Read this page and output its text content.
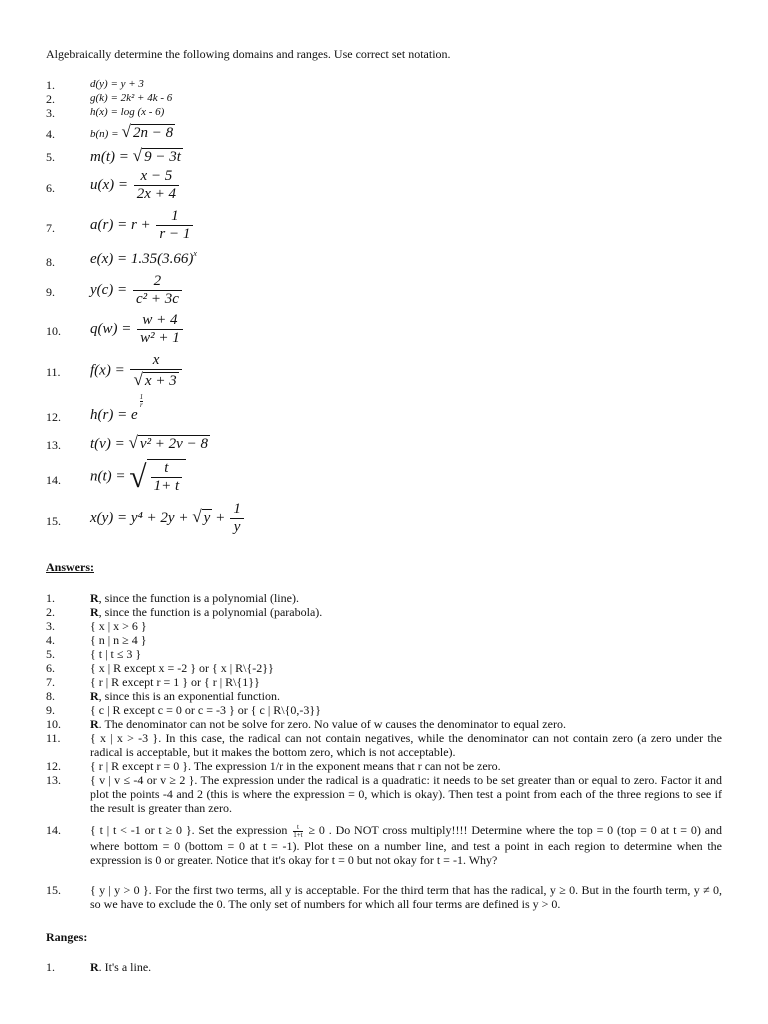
Algebraically determine the following domains and ranges. Use correct set notation.
1.	d(y) = y + 3
2.	g(k) = 2k² + 4k - 6
3.	h(x) = log (x - 6)
4.	b(n) = √ 2n − 8
5. m(t) = √ 9 − 3t
6. $u(x) = \frac{x - 5}{2x + 4}$
7. $a(r) = r + \frac{1}{r - 1}$
8. $e(x) = 1.35(3.66)^x$
9. $y(c) = \frac{2}{\text{c² + 3c}}$
10. $q(w) = \frac{w + 4}{\text{w² + 1}}$
11. $f(x) = \frac{x}{√ x + 3}$
12. h(r) = e
$\frac{1}{r}$
13. t(v) = √ v² + 2v − 8
14. n(t) = √ $\frac{t}{1+ t}$
15. x(y) = y⁴ + 2y + √ $y + \frac{1}{y}$
Answers:
1.	R, since the function is a polynomial (line).
2.	R, since the function is a polynomial (parabola).
3.	{ x | x > 6 }
4.	{ n | n ≥ 4 }
5.	{ t | t ≤ 3 }
6.	{ x | R except x = -2 } or { x | R\{-2}}
7.	{ r | R except r = 1 } or { r | R\{1}}
8.	R, since this is an exponential function.
9.	{ c | R except c = 0 or c = -3 } or { c | R\{0,-3}}
10. R. The denominator can not be solve for zero. No value of w causes the denominator to equal zero.
11. { x | x > -3 }. In this case, the radical can not contain negatives, while the denominator can not contain zero (a zero under the radical is acceptable, but it makes the bottom zero, which is not acceptable).
12. { r | R except r = 0 }. The expression 1/r in the exponent means that r can not be zero.
13. { v | v ≤ -4 or v ≥ 2 }. The expression under the radical is a quadratic: it needs to be set greater than or equal to zero. Factor it and plot the points -4 and 2 (this is where the expression = 0, which is okay). Then test a point from each of the three regions to see if the result is greater than zero.
14. { t | t < -1 or t ≥ 0 }. Set the expression $\frac{t}{1+t} \ge 0$ . Do NOT cross multiply!!!! Determine where the top = 0 (top = 0 at t = 0) and where bottom = 0 (bottom = 0 at t = -1). Plot these on a number line, and test a point in each region to determine when the expression is 0 or greater. Notice that it's okay for t = 0 but not okay for t = -1. Why?
15. { y | y > 0 }. For the first two terms, all y is acceptable. For the third term that has the radical, y ≥ 0. But in the fourth term, y ≠ 0, so we have to exclude the 0. The only set of numbers for which all four terms are defined is y > 0.
Ranges:
1.	R. It's a line.
